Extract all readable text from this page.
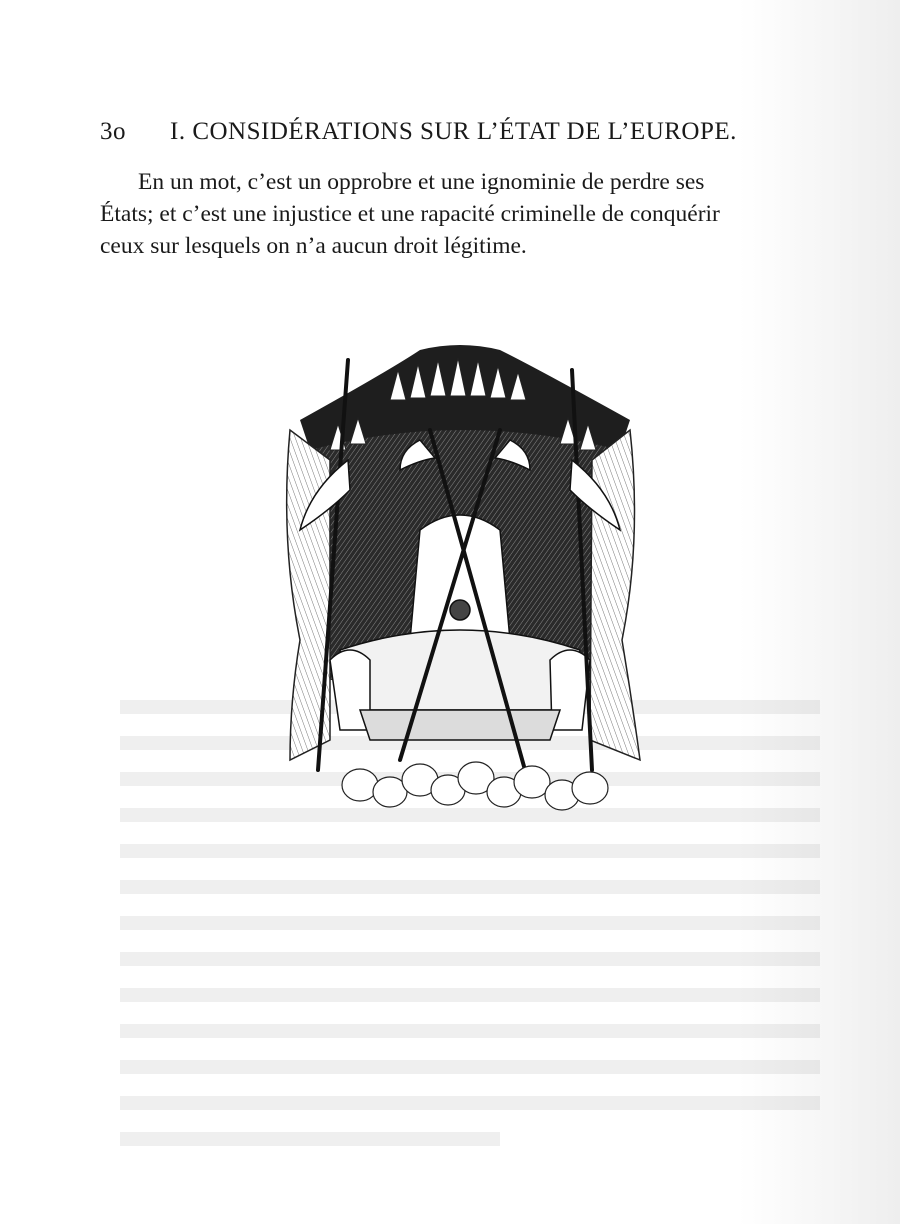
3o I. CONSIDÉRATIONS SUR L’ÉTAT DE L’EUROPE.

En un mot, c’est un opprobre et une ignominie de perdre ses
États; et c’est une injustice et une rapacité criminelle de conquérir
ceux sur lesquels on n’a aucun droit légitime.
